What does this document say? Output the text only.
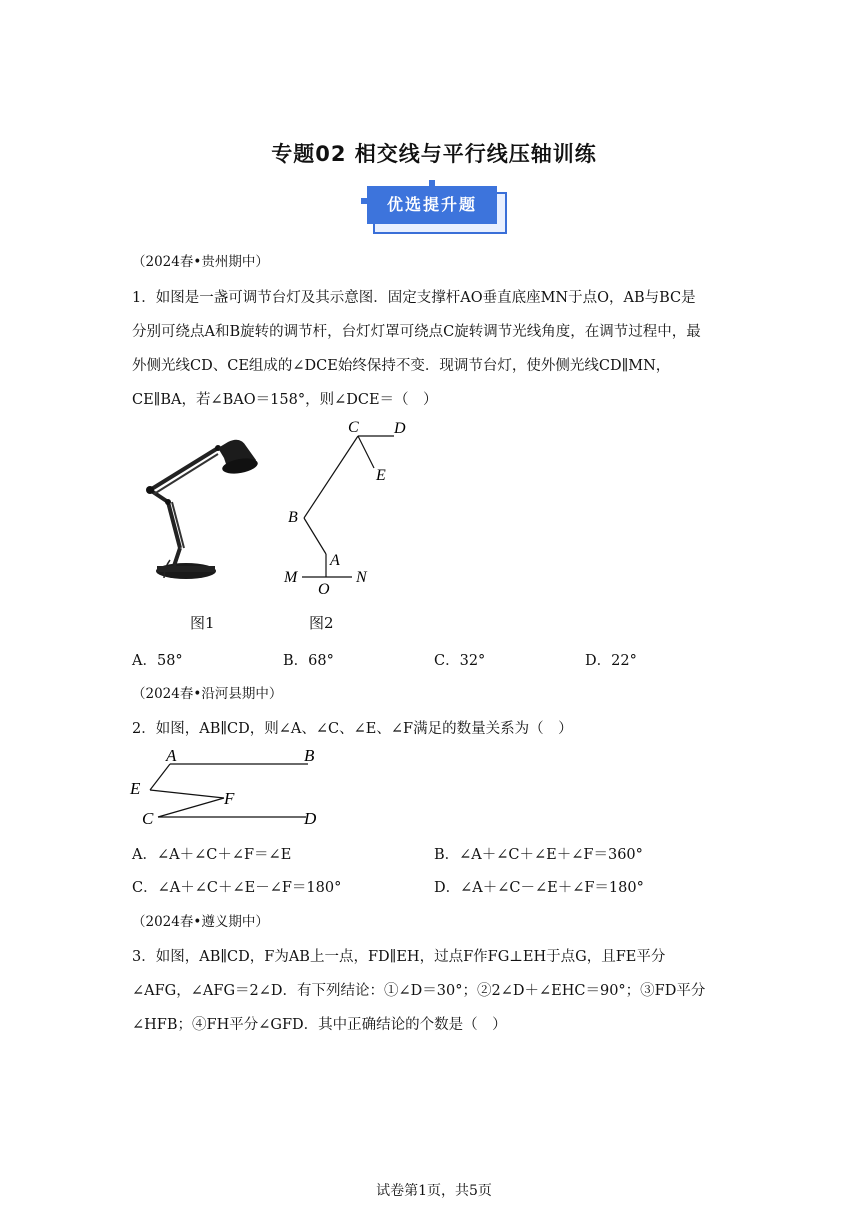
专题02 相交线与平行线压轴训练
优选提升题
（2024春•贵州期中）
1．如图是一盏可调节台灯及其示意图．固定支撑杆AO垂直底座MN于点O，AB与BC是
分别可绕点A和B旋转的调节杆，台灯灯罩可绕点C旋转调节光线角度，在调节过程中，最
外侧光线CD、CE组成的∠DCE始终保持不变．现调节台灯，使外侧光线CD∥MN，
CE∥BA，若∠BAO＝158°，则∠DCE＝（　）
C D
E
B
A
M
O
N
图1	图2
A．58°	B．68°	C．32°	D．22°
（2024春•沿河县期中）
2．如图，AB∥CD，则∠A、∠C、∠E、∠F满足的数量关系为（　）
A	B
E
F
C	D
A．∠A＋∠C＋∠F＝∠E	B．∠A＋∠C＋∠E＋∠F＝360°
C．∠A＋∠C＋∠E－∠F＝180°	D．∠A＋∠C－∠E＋∠F＝180°
（2024春•遵义期中）
3．如图，AB∥CD，F为AB上一点，FD∥EH，过点F作FG⊥EH于点G，且FE平分
∠AFG，∠AFG＝2∠D．有下列结论：①∠D＝30°；②2∠D＋∠EHC＝90°；③FD平分
∠HFB；④FH平分∠GFD．其中正确结论的个数是（　）
试卷第1页，共5页
